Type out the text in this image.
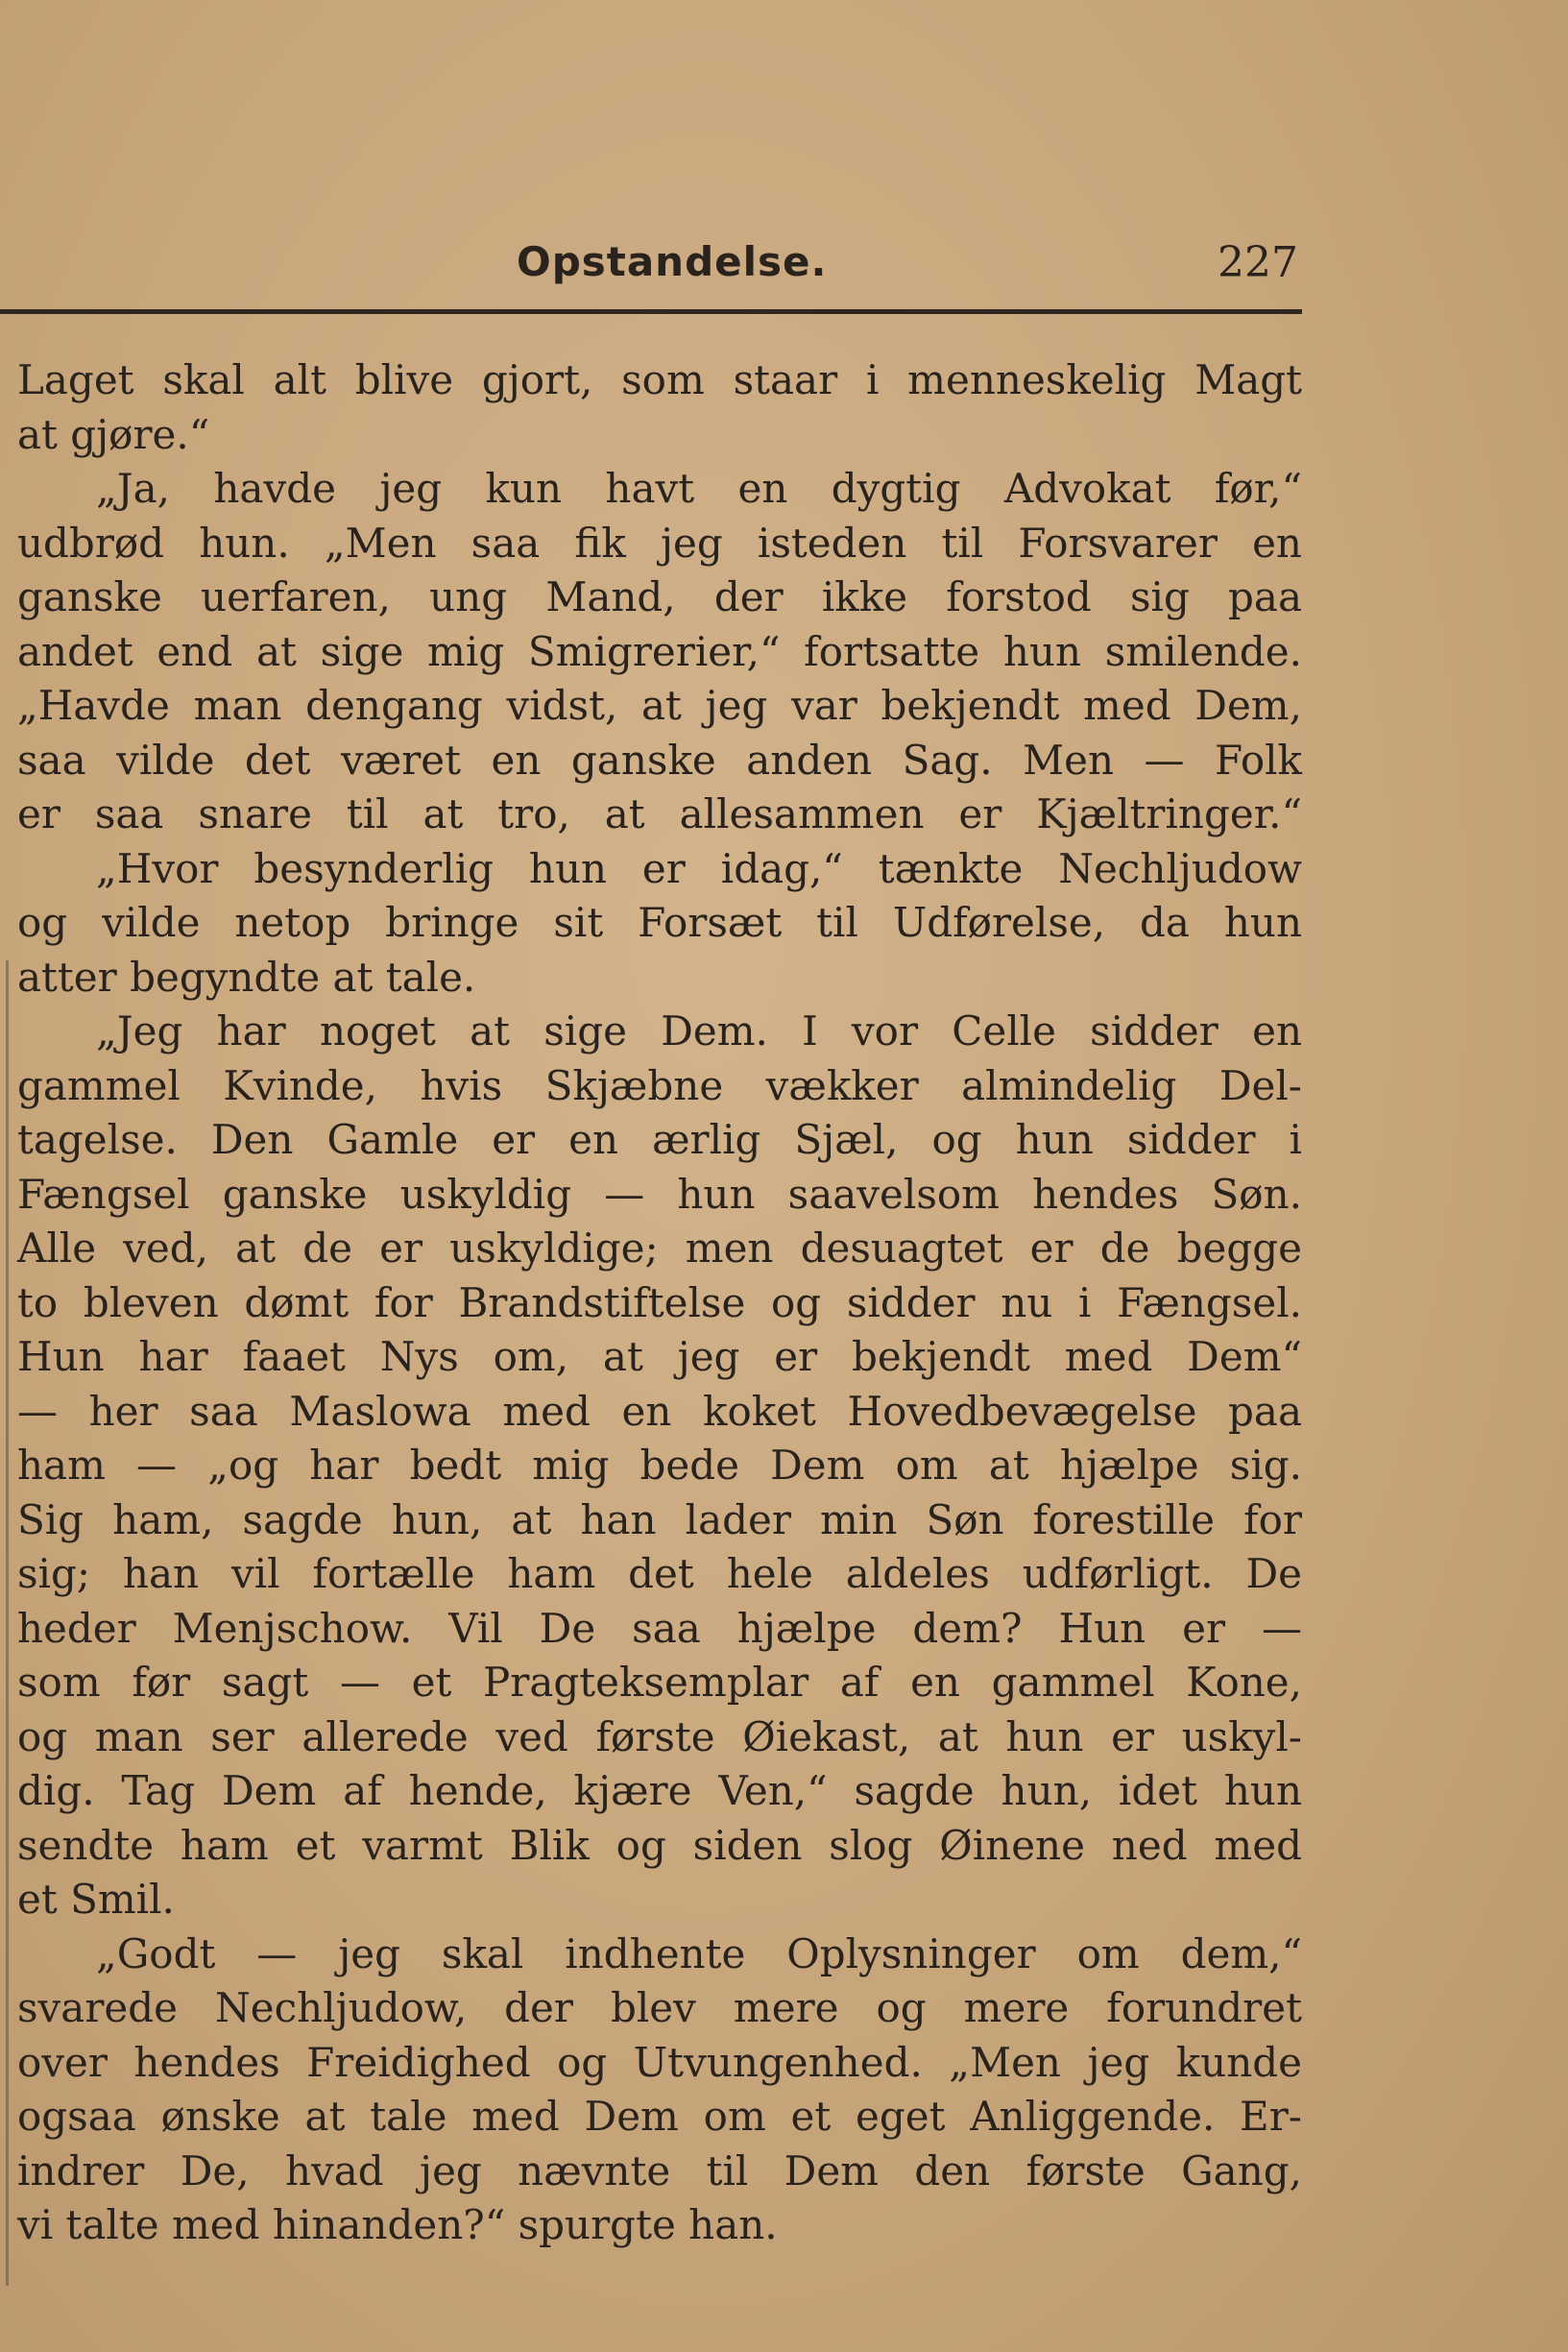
Opstandelse.	227
Laget skal alt blive gjort, som staar i menneskelig Magt
at gjøre.“
„Ja, havde jeg kun havt en dygtig Advokat før,“
udbrød hun. „Men saa fik jeg isteden til Forsvarer en
ganske uerfaren, ung Mand, der ikke forstod sig paa
andet end at sige mig Smigrerier,“ fortsatte hun smilende.
„Havde man dengang vidst, at jeg var bekjendt med Dem,
saa vilde det været en ganske anden Sag. Men — Folk
er saa snare til at tro, at allesammen er Kjæltringer.“
„Hvor besynderlig hun er idag,“ tænkte Nechljudow
og vilde netop bringe sit Forsæt til Udførelse, da hun
atter begyndte at tale.
„Jeg har noget at sige Dem. I vor Celle sidder en
gammel Kvinde, hvis Skjæbne vækker almindelig Del-
tagelse. Den Gamle er en ærlig Sjæl, og hun sidder i
Fængsel ganske uskyldig — hun saavelsom hendes Søn.
Alle ved, at de er uskyldige; men desuagtet er de begge
to bleven dømt for Brandstiftelse og sidder nu i Fængsel.
Hun har faaet Nys om, at jeg er bekjendt med Dem“
— her saa Maslowa med en koket Hovedbevægelse paa
ham — „og har bedt mig bede Dem om at hjælpe sig.
Sig ham, sagde hun, at han lader min Søn forestille for
sig; han vil fortælle ham det hele aldeles udførligt. De
heder Menjschow. Vil De saa hjælpe dem? Hun er —
som før sagt — et Pragteksemplar af en gammel Kone,
og man ser allerede ved første Øiekast, at hun er uskyl-
dig. Tag Dem af hende, kjære Ven,“ sagde hun, idet hun
sendte ham et varmt Blik og siden slog Øinene ned med
et Smil.
„Godt — jeg skal indhente Oplysninger om dem,“
svarede Nechljudow, der blev mere og mere forundret
over hendes Freidighed og Utvungenhed. „Men jeg kunde
ogsaa ønske at tale med Dem om et eget Anliggende. Er-
indrer De, hvad jeg nævnte til Dem den første Gang,
vi talte med hinanden?“ spurgte han.
